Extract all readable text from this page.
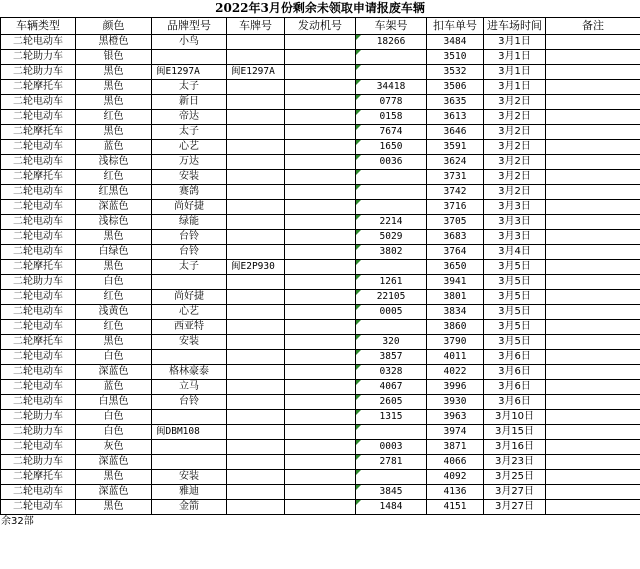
2022年3月份剩余未领取申请报废车辆
车辆类型	颜色	品牌型号	车牌号	发动机号	车架号	扣车单号	进车场时间	备注
二轮电动车	黑橙色	小鸟			18266	3484	3月1日	
二轮助力车	银色					3510	3月1日	
二轮助力车	黑色	闽E1297A	闽E1297A			3532	3月1日	
二轮摩托车	黑色	太子			34418	3506	3月1日	
二轮电动车	黑色	新日			0778	3635	3月2日	
二轮电动车	红色	帝达			0158	3613	3月2日	
二轮摩托车	黑色	太子			7674	3646	3月2日	
二轮电动车	蓝色	心艺			1650	3591	3月2日	
二轮电动车	浅棕色	万达			0036	3624	3月2日	
二轮摩托车	红色	安装				3731	3月2日	
二轮电动车	红黑色	赛鸽				3742	3月2日	
二轮电动车	深蓝色	尚好捷				3716	3月3日	
二轮电动车	浅棕色	绿能			2214	3705	3月3日	
二轮电动车	黑色	台铃			5029	3683	3月3日	
二轮电动车	白绿色	台铃			3802	3764	3月4日	
二轮摩托车	黑色	太子	闽E2P930			3650	3月5日	
二轮助力车	白色				1261	3941	3月5日	
二轮电动车	红色	尚好捷			22105	3801	3月5日	
二轮电动车	浅黄色	心艺			0005	3834	3月5日	
二轮电动车	红色	西亚特				3860	3月5日	
二轮摩托车	黑色	安装			320	3790	3月5日	
二轮电动车	白色				3857	4011	3月6日	
二轮电动车	深蓝色	格林豪泰			0328	4022	3月6日	
二轮电动车	蓝色	立马			4067	3996	3月6日	
二轮电动车	白黑色	台铃			2605	3930	3月6日	
二轮助力车	白色				1315	3963	3月10日	
二轮助力车	白色	闽DBM108				3974	3月15日	
二轮电动车	灰色				0003	3871	3月16日	
二轮助力车	深蓝色				2781	4066	3月23日	
二轮摩托车	黑色	安装				4092	3月25日	
二轮电动车	深蓝色	雅迪			3845	4136	3月27日	
二轮电动车	黑色	金箭			1484	4151	3月27日	
余32部
